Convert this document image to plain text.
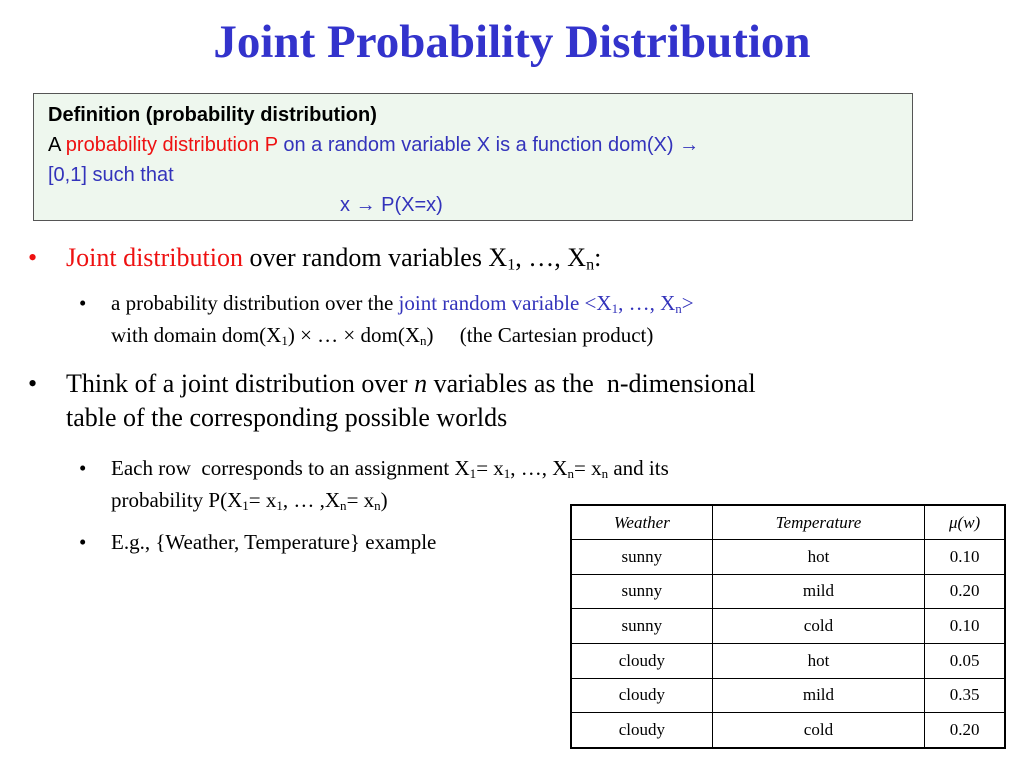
Joint Probability Distribution
Definition (probability distribution)
A probability distribution P on a random variable X is a function dom(X) →
[0,1] such that
x → P(X=x)
• Joint distribution over random variables $X_1$, …, $X_n$:
• a probability distribution over the joint random variable $<X_1$, …, $X_n>$
with domain $dom(X_1)$ × … × $dom(X_n)$     (the Cartesian product)
• Think of a joint distribution over n variables as the  n-dimensional
table of the corresponding possible worlds
• Each row  corresponds to an assignment $X_1= x_1$, …, $X_n= x_n$ and its
probability $P(X_1= x_1$, … $,X_n= x_n$)
• E.g., {Weather, Temperature} example
Weather	Temperature	μ(w)
sunny	hot	0.10
sunny	mild	0.20
sunny	cold	0.10
cloudy	hot	0.05
cloudy	mild	0.35
cloudy	cold	0.20
